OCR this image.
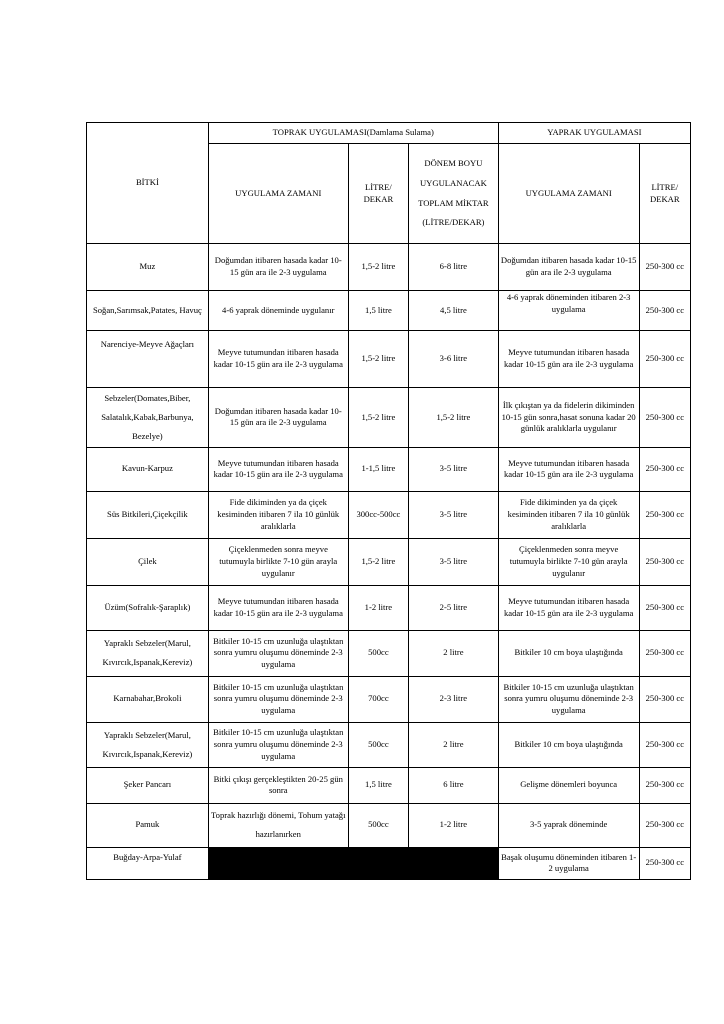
BİTKİ	TOPRAK UYGULAMASI(Damlama Sulama)			YAPRAK UYGULAMASI	
	UYGULAMA ZAMANI	LİTRE/ DEKAR	DÖNEM BOYU UYGULANACAK TOPLAM MİKTAR (LİTRE/DEKAR)	UYGULAMA ZAMANI	LİTRE/ DEKAR
Muz	Doğumdan itibaren hasada kadar 10-15 gün ara ile 2-3 uygulama	1,5-2 litre	6-8 litre	Doğumdan itibaren hasada kadar 10-15 gün ara ile 2-3 uygulama	250-300 cc
Soğan,Sarımsak,Patates, Havuç	4-6 yaprak döneminde uygulanır	1,5 litre	4,5 litre	4-6 yaprak döneminden itibaren 2-3 uygulama	250-300 cc
Narenciye-Meyve Ağaçları	Meyve tutumundan itibaren hasada kadar 10-15 gün ara ile 2-3 uygulama	1,5-2 litre	3-6 litre	Meyve tutumundan itibaren hasada kadar 10-15 gün ara ile 2-3 uygulama	250-300 cc
Sebzeler(Domates,Biber, Salatalık,Kabak,Barbunya, Bezelye)	Doğumdan itibaren hasada kadar 10-15 gün ara ile 2-3 uygulama	1,5-2 litre	1,5-2 litre	İlk çıkıştan ya da fidelerin dikiminden 10-15 gün sonra,hasat sonuna kadar 20 günlük aralıklarla uygulanır	250-300 cc
Kavun-Karpuz	Meyve tutumundan itibaren hasada kadar 10-15 gün ara ile 2-3 uygulama	1-1,5 litre	3-5 litre	Meyve tutumundan itibaren hasada kadar 10-15 gün ara ile 2-3 uygulama	250-300 cc
Süs Bitkileri,Çiçekçilik	Fide dikiminden ya da çiçek kesiminden itibaren 7 ila 10 günlük aralıklarla	300cc-500cc	3-5 litre	Fide dikiminden ya da çiçek kesiminden itibaren 7 ila 10 günlük aralıklarla	250-300 cc
Çilek	Çiçeklenmeden sonra meyve tutumuyla birlikte 7-10 gün arayla uygulanır	1,5-2 litre	3-5 litre	Çiçeklenmeden sonra meyve tutumuyla birlikte 7-10 gün arayla uygulanır	250-300 cc
Üzüm(Sofralık-Şaraplık)	Meyve tutumundan itibaren hasada kadar 10-15 gün ara ile 2-3 uygulama	1-2 litre	2-5 litre	Meyve tutumundan itibaren hasada kadar 10-15 gün ara ile 2-3 uygulama	250-300 cc
Yapraklı Sebzeler(Marul, Kıvırcık,Ispanak,Kereviz)	Bitkiler 10-15 cm uzunluğa ulaştıktan sonra yumru oluşumu döneminde 2-3 uygulama	500cc	2 litre	Bitkiler 10 cm boya ulaştığında	250-300 cc
Karnabahar,Brokoli	Bitkiler 10-15 cm uzunluğa ulaştıktan sonra yumru oluşumu döneminde 2-3 uygulama	700cc	2-3 litre	Bitkiler 10-15 cm uzunluğa ulaştıktan sonra yumru oluşumu döneminde 2-3 uygulama	250-300 cc
Yapraklı Sebzeler(Marul, Kıvırcık,Ispanak,Kereviz)	Bitkiler 10-15 cm uzunluğa ulaştıktan sonra yumru oluşumu döneminde 2-3 uygulama	500cc	2 litre	Bitkiler 10 cm boya ulaştığında	250-300 cc
Şeker Pancarı	Bitki çıkışı gerçekleştikten 20-25 gün sonra	1,5 litre	6 litre	Gelişme dönemleri boyunca	250-300 cc
Pamuk	Toprak hazırlığı dönemi, Tohum yatağı hazırlanırken	500cc	1-2 litre	3-5 yaprak döneminde	250-300 cc
Buğday-Arpa-Yulaf				Başak oluşumu döneminden itibaren 1-2 uygulama	250-300 cc
